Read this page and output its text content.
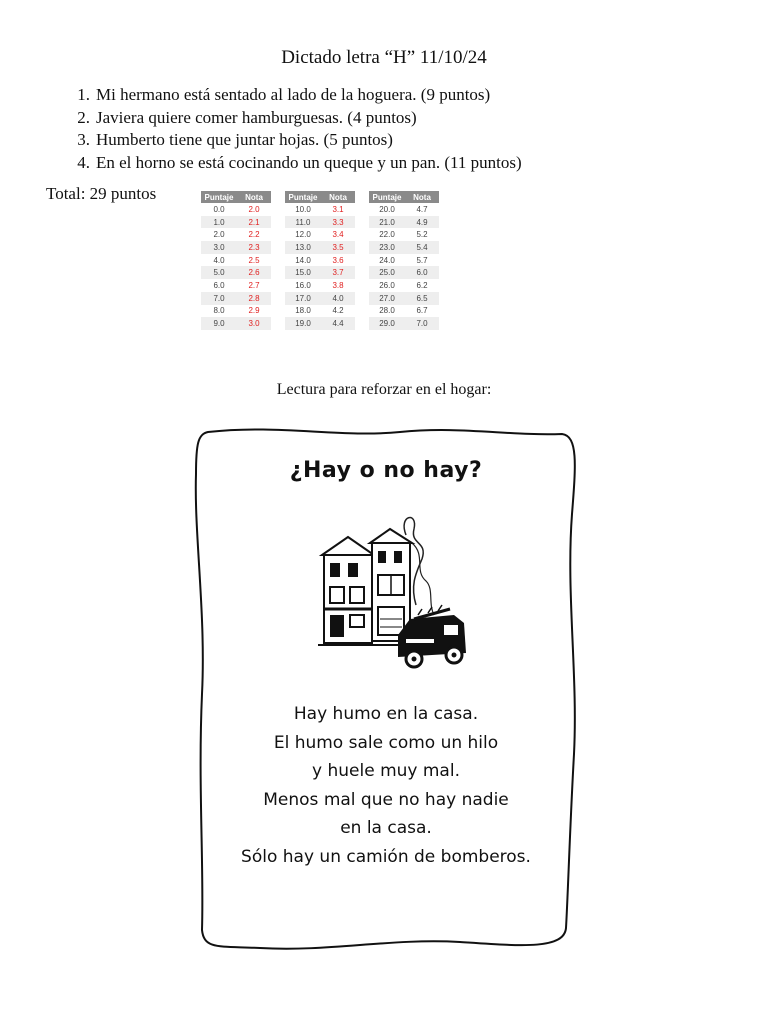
Dictado letra “H” 11/10/24
1. Mi hermano está sentado al lado de la hoguera. (9 puntos)
2. Javiera quiere comer hamburguesas. (4 puntos)
3. Humberto tiene que juntar hojas. (5 puntos)
4. En el horno se está cocinando un queque y un pan. (11 puntos)
Total: 29 puntos	Puntaje	Nota
0.0	2.0
1.0	2.1
2.0	2.2
3.0	2.3
4.0	2.5
5.0	2.6
6.0	2.7
7.0	2.8
8.0	2.9
9.0	3.0
Puntaje	Nota
10.0	3.1
11.0	3.3
12.0	3.4
13.0	3.5
14.0	3.6
15.0	3.7
16.0	3.8
17.0	4.0
18.0	4.2
19.0	4.4
Puntaje	Nota
20.0	4.7
21.0	4.9
22.0	5.2
23.0	5.4
24.0	5.7
25.0	6.0
26.0	6.2
27.0	6.5
28.0	6.7
29.0	7.0
Lectura para reforzar en el hogar:
¿Hay o no hay?
Hay humo en la casa.
El humo sale como un hilo
y huele muy mal.
Menos mal que no hay nadie
en la casa.
Sólo hay un camión de bomberos.
